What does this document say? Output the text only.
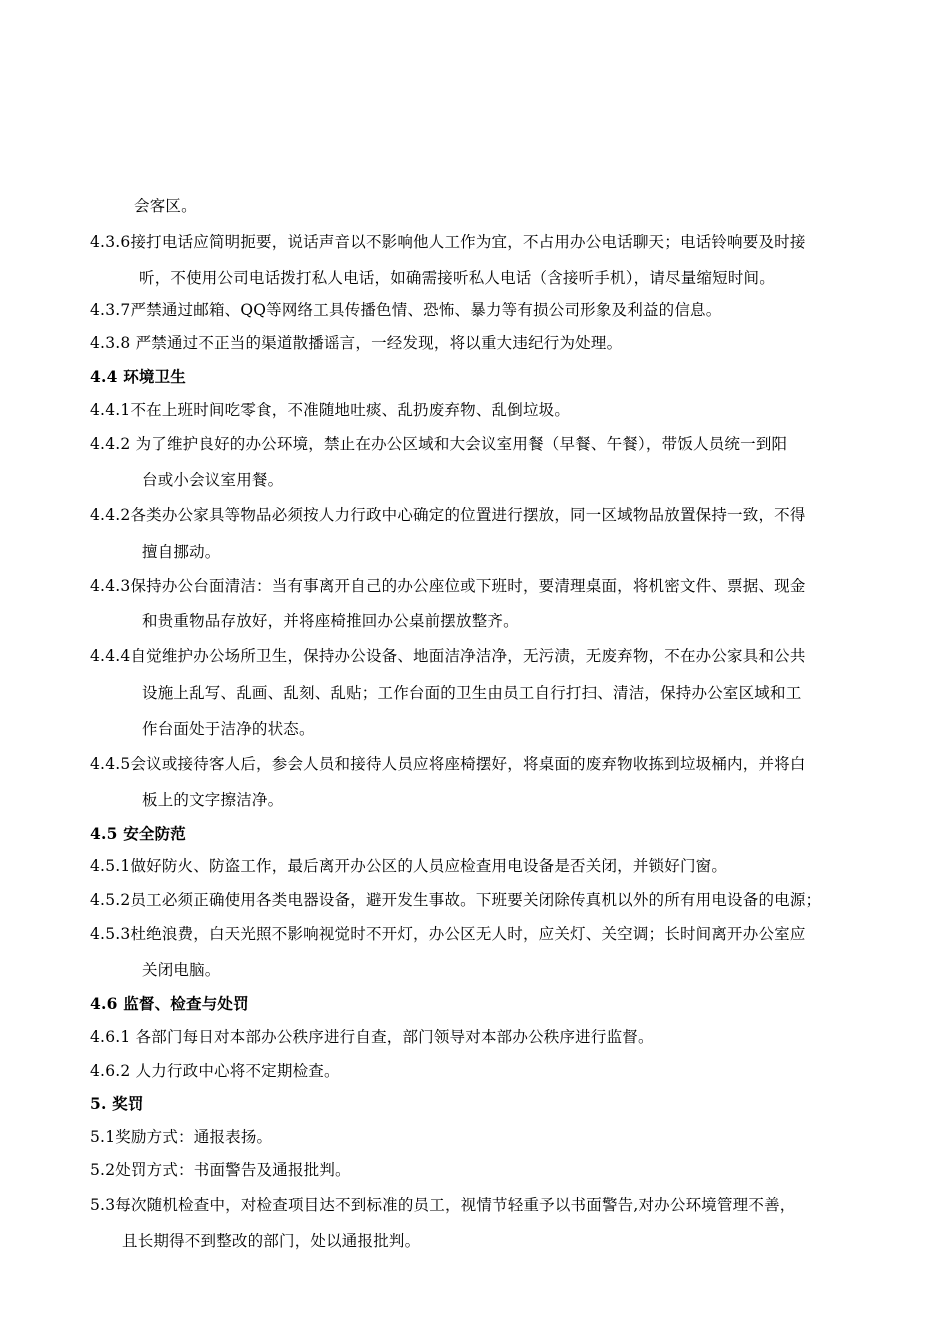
会客区。
4.3.6接打电话应简明扼要，说话声音以不影响他人工作为宜，不占用办公电话聊天；电话铃响要及时接
听，不使用公司电话拨打私人电话，如确需接听私人电话（含接听手机），请尽量缩短时间。
4.3.7严禁通过邮箱、QQ等网络工具传播色情、恐怖、暴力等有损公司形象及利益的信息。
4.3.8 严禁通过不正当的渠道散播谣言，一经发现，将以重大违纪行为处理。
4.4 环境卫生
4.4.1不在上班时间吃零食，不准随地吐痰、乱扔废弃物、乱倒垃圾。
4.4.2 为了维护良好的办公环境，禁止在办公区域和大会议室用餐（早餐、午餐），带饭人员统一到阳
台或小会议室用餐。
4.4.2各类办公家具等物品必须按人力行政中心确定的位置进行摆放，同一区域物品放置保持一致，不得
擅自挪动。
4.4.3保持办公台面清洁：当有事离开自己的办公座位或下班时，要清理桌面，将机密文件、票据、现金
和贵重物品存放好，并将座椅推回办公桌前摆放整齐。
4.4.4自觉维护办公场所卫生，保持办公设备、地面洁净洁净，无污渍，无废弃物，不在办公家具和公共
设施上乱写、乱画、乱刻、乱贴；工作台面的卫生由员工自行打扫、清洁，保持办公室区域和工
作台面处于洁净的状态。
4.4.5会议或接待客人后，参会人员和接待人员应将座椅摆好，将桌面的废弃物收拣到垃圾桶内，并将白
板上的文字擦洁净。
4.5 安全防范
4.5.1做好防火、防盗工作，最后离开办公区的人员应检查用电设备是否关闭，并锁好门窗。
4.5.2员工必须正确使用各类电器设备，避开发生事故。下班要关闭除传真机以外的所有用电设备的电源；
4.5.3杜绝浪费，白天光照不影响视觉时不开灯，办公区无人时，应关灯、关空调；长时间离开办公室应
关闭电脑。
4.6 监督、检查与处罚
4.6.1 各部门每日对本部办公秩序进行自查，部门领导对本部办公秩序进行监督。
4.6.2 人力行政中心将不定期检查。
5. 奖罚
5.1奖励方式：通报表扬。
5.2处罚方式：书面警告及通报批判。
5.3每次随机检查中，对检查项目达不到标准的员工，视情节轻重予以书面警告,对办公环境管理不善，
且长期得不到整改的部门，处以通报批判。
